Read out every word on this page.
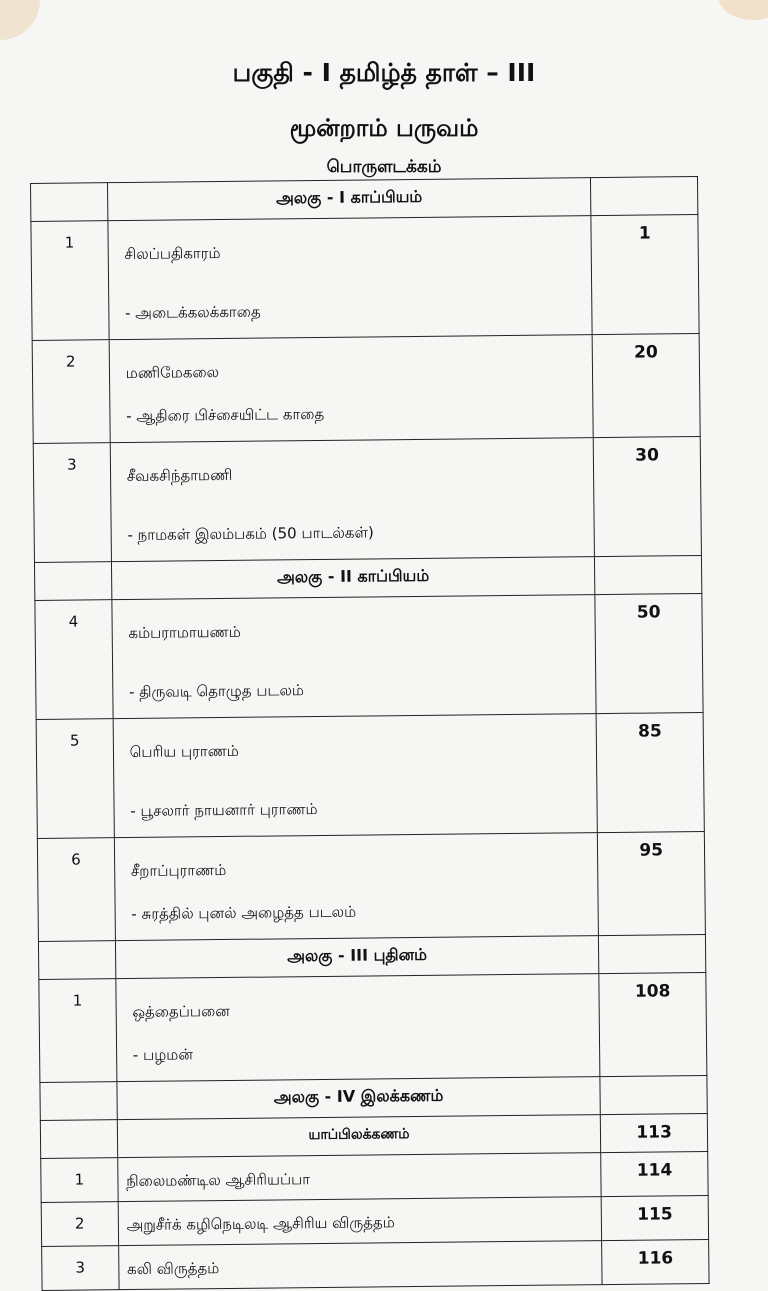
பகுதி - I தமிழ்த் தாள் – III
மூன்றாம் பருவம்
பொருளடக்கம்

	அலகு - I காப்பியம்	

1	சிலப்பதிகாரம்
- அடைக்கலக்காதை	1

2	மணிமேகலை
- ஆதிரை பிச்சையிட்ட காதை	20

3	சீவகசிந்தாமணி
- நாமகள் இலம்பகம் (50 பாடல்கள்)	30

	அலகு - II காப்பியம்	

4	கம்பராமாயணம்
- திருவடி தொழுத படலம்	50

5	பெரிய புராணம்
- பூசலார் நாயனார் புராணம்	85

6	சீறாப்புராணம்
- சுரத்தில் புனல் அழைத்த படலம்	95

	அலகு - III புதினம்	

1	ஒத்தைப்பனை
- பழமன்	108

	அலகு - IV இலக்கணம்	

	யாப்பிலக்கணம்	113

1	நிலைமண்டில ஆசிரியப்பா	114

2	அறுசீர்க் கழிநெடிலடி ஆசிரிய விருத்தம்	115

3	கலி விருத்தம்	116
